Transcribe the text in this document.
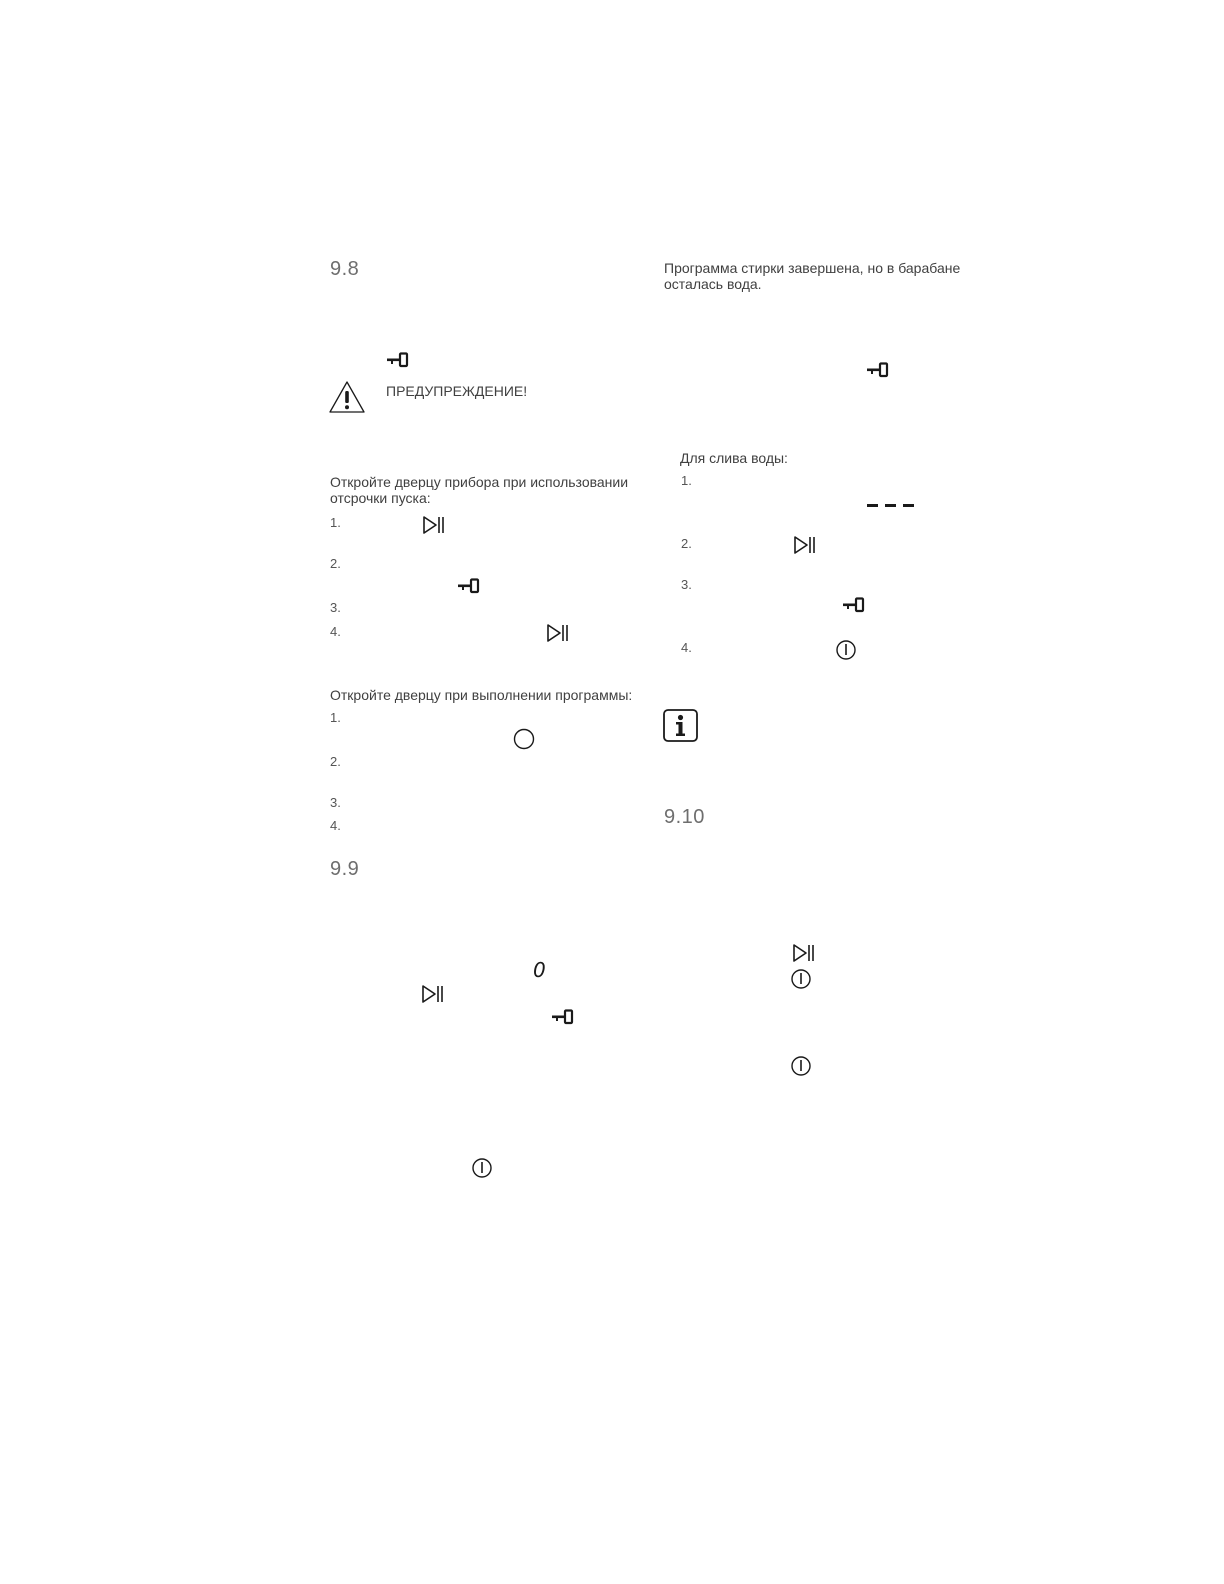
9.8
ПРЕДУПРЕЖДЕНИЕ!
Откройте дверцу прибора при использовании
отсрочки пуска:
1.
2.
3.
4.
Откройте дверцу при выполнении программы:
1.
2.
3.
4.
9.9
0
Программа стирки завершена, но в барабане
осталась вода.
Для слива воды:
1.
2.
3.
4.
9.10
